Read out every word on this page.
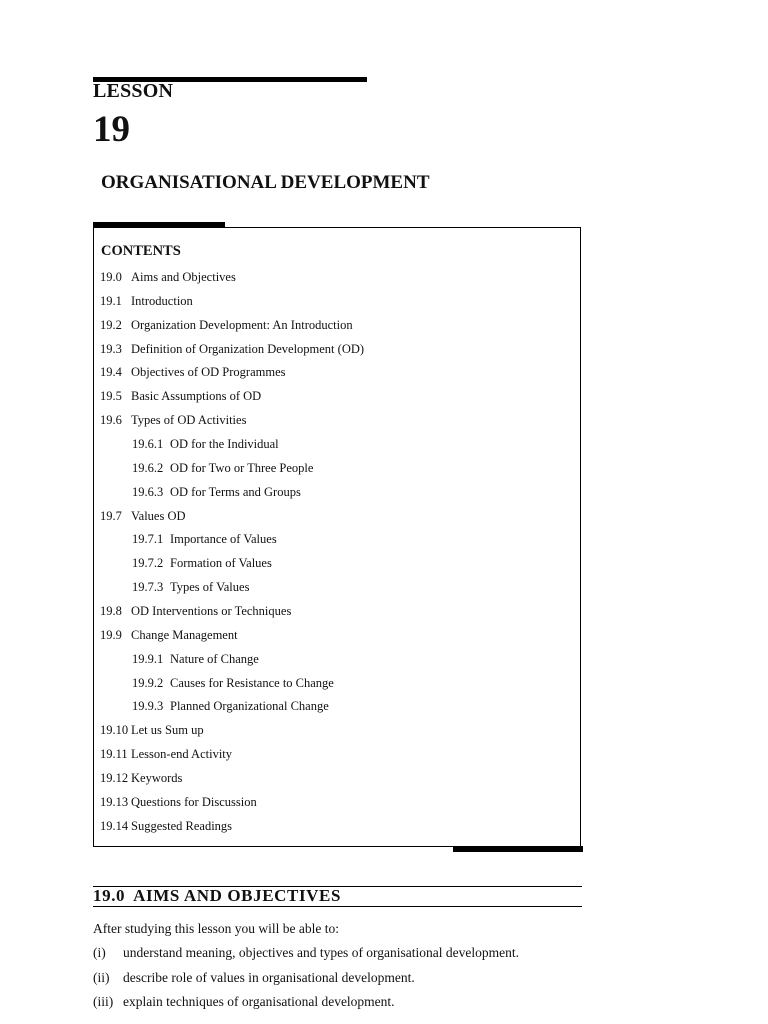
LESSON
19
ORGANISATIONAL DEVELOPMENT
CONTENTS
19.0 Aims and Objectives
19.1 Introduction
19.2 Organization Development: An Introduction
19.3 Definition of Organization Development (OD)
19.4 Objectives of OD Programmes
19.5 Basic Assumptions of OD
19.6 Types of OD Activities
19.6.1 OD for the Individual
19.6.2 OD for Two or Three People
19.6.3 OD for Terms and Groups
19.7 Values OD
19.7.1 Importance of Values
19.7.2 Formation of Values
19.7.3 Types of Values
19.8 OD Interventions or Techniques
19.9 Change Management
19.9.1 Nature of Change
19.9.2 Causes for Resistance to Change
19.9.3 Planned Organizational Change
19.10 Let us Sum up
19.11 Lesson-end Activity
19.12 Keywords
19.13 Questions for Discussion
19.14 Suggested Readings
19.0 AIMS AND OBJECTIVES
After studying this lesson you will be able to:
(i) understand meaning, objectives and types of organisational development.
(ii) describe role of values in organisational development.
(iii) explain techniques of organisational development.
